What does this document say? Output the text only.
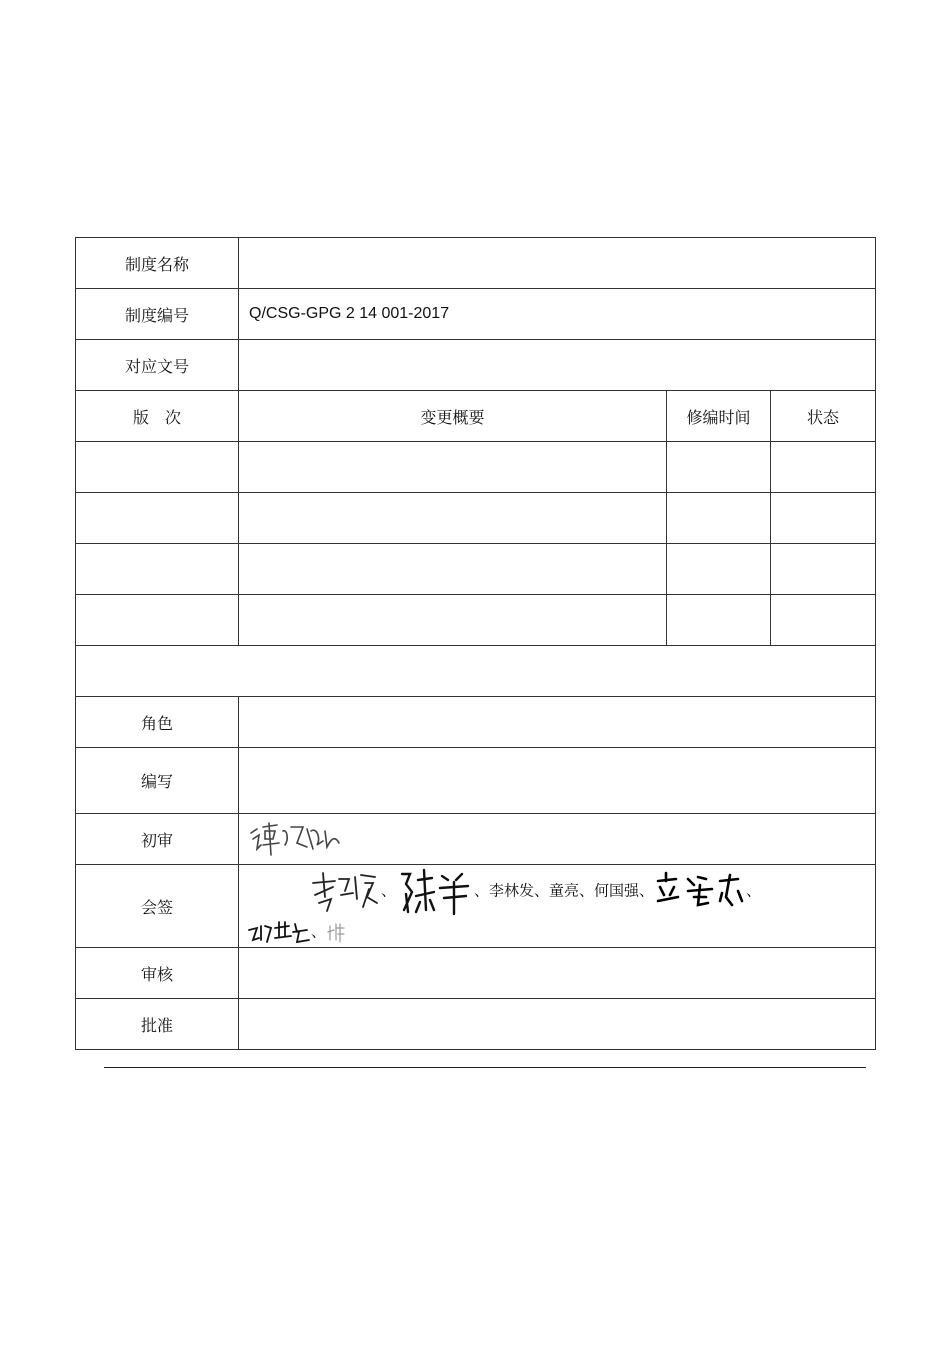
制度名称			
制度编号	Q/CSG-GPG 2 14 001-2017		
对应文号			
版　次	变更概要	修编时间	状态

角色			
编写			
初审	
会签	、 、李林发、童亮、何国强、 、
、		

审核			
批准			
